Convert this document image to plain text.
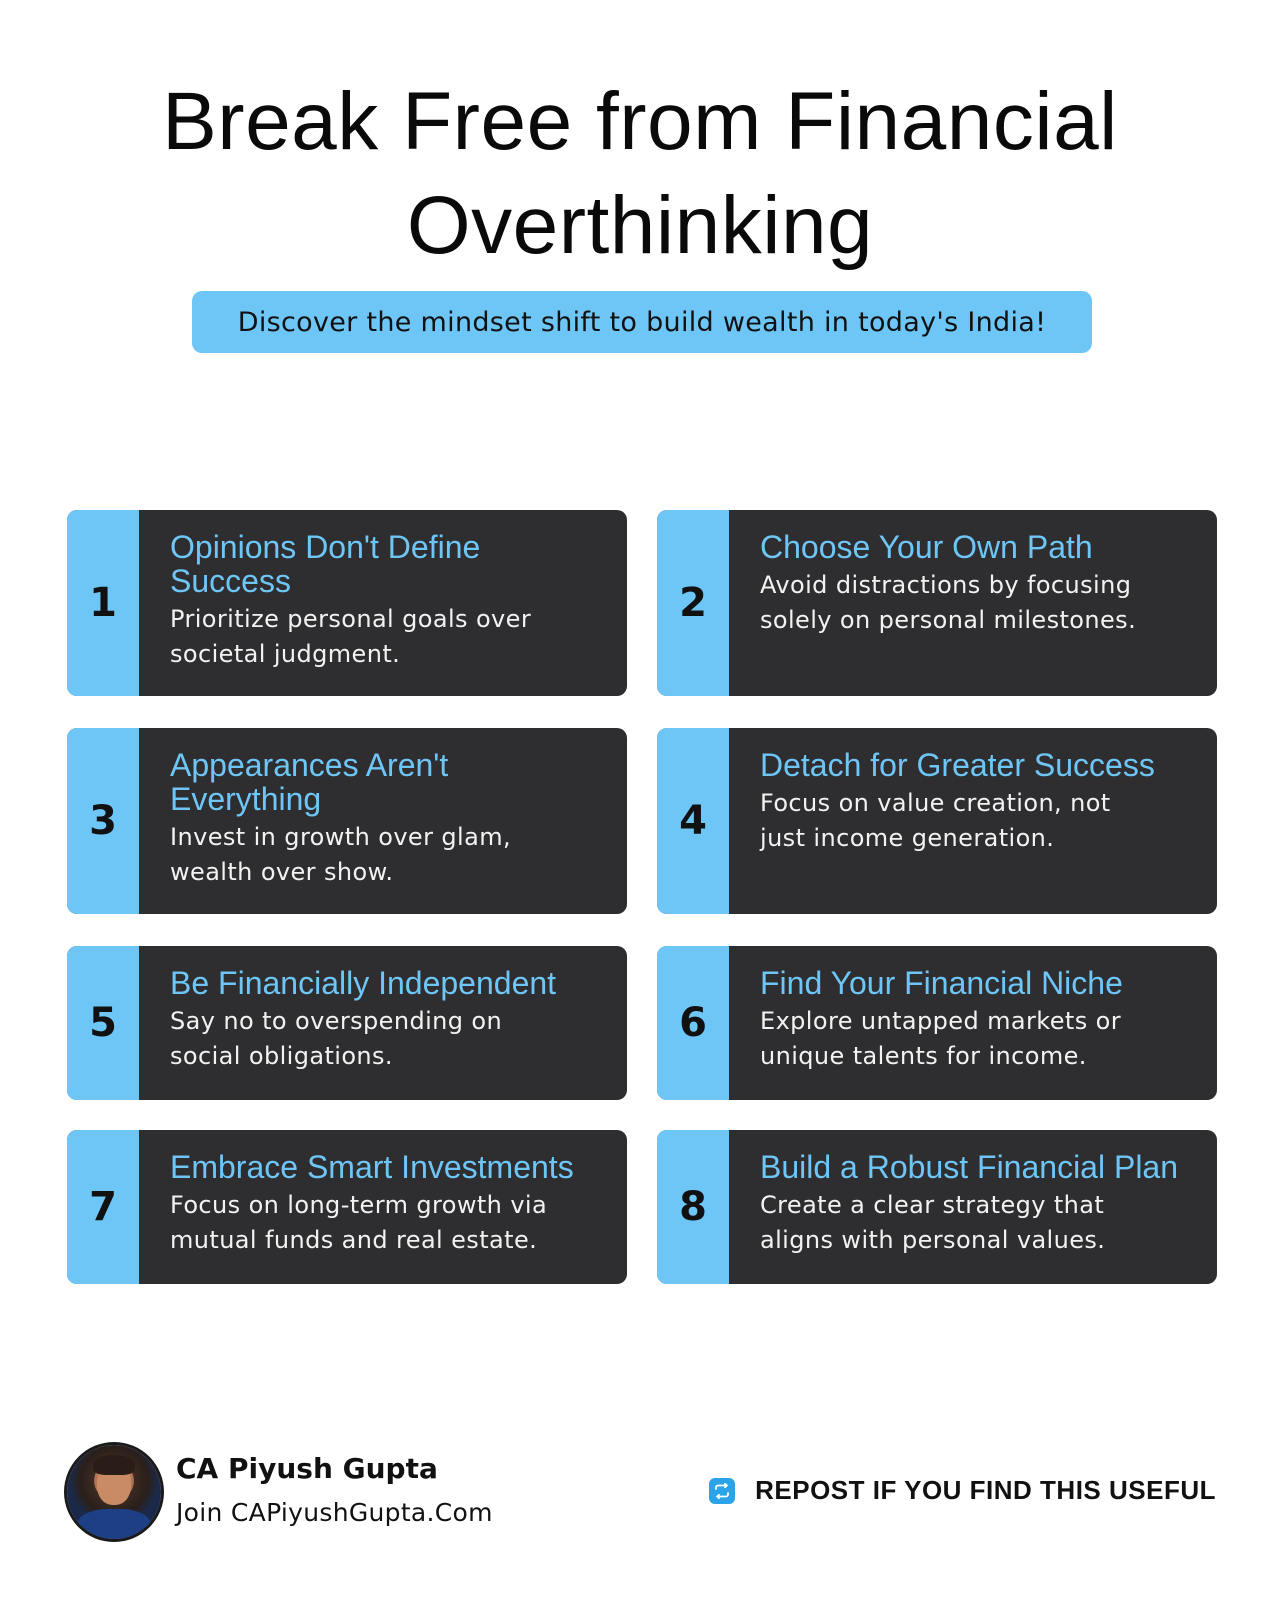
Break Free from Financial
Overthinking
Discover the mindset shift to build wealth in today's India!
1

Opinions Don't Define Success

Prioritize personal goals over societal judgment.

2

Choose Your Own Path

Avoid distractions by focusing solely on personal milestones.

3

Appearances Aren't Everything

Invest in growth over glam, wealth over show.

4

Detach for Greater Success

Focus on value creation, not just income generation.

5

Be Financially Independent

Say no to overspending on social obligations.

6

Find Your Financial Niche

Explore untapped markets or unique talents for income.

7

Embrace Smart Investments

Focus on long-term growth via mutual funds and real estate.

8

Build a Robust Financial Plan

Create a clear strategy that aligns with personal values.

CA Piyush Gupta
Join CAPiyushGupta.Com
REPOST IF YOU FIND THIS USEFUL
